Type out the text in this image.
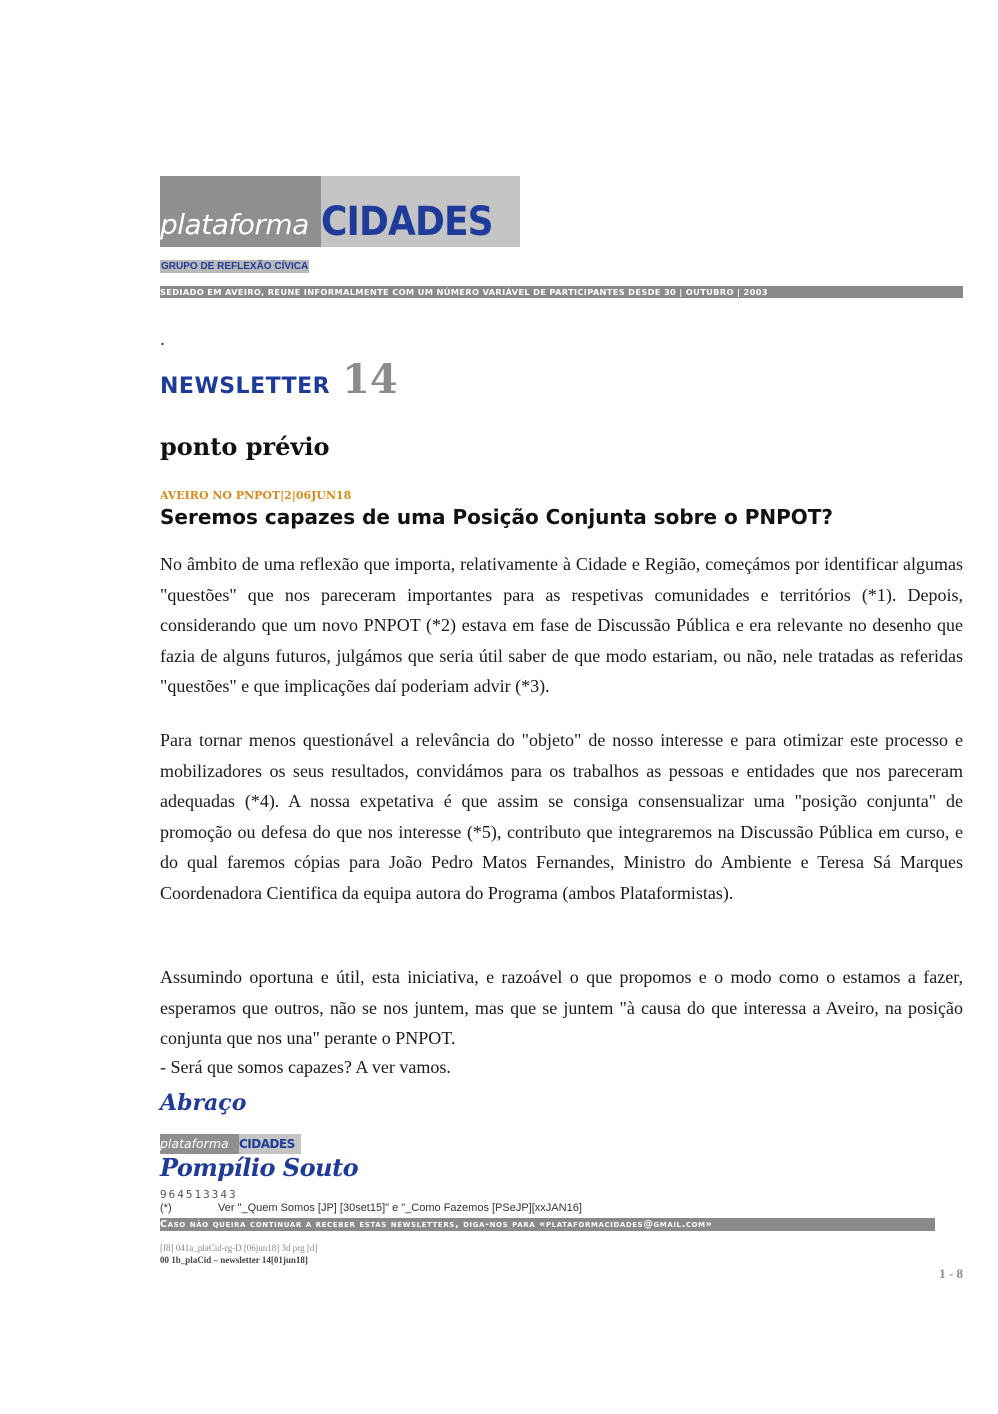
plataforma CIDADES
GRUPO DE REFLEXÃO CÍVICA
SEDIADO EM AVEIRO, REUNE INFORMALMENTE COM UM NÚMERO VARIÁVEL DE PARTICIPANTES DESDE 30 | OUTUBRO | 2003
.
NEWSLETTER 14
ponto prévio
AVEIRO NO PNPOT|2|06JUN18
Seremos capazes de uma Posição Conjunta sobre o PNPOT?

No âmbito de uma reflexão que importa, relativamente à Cidade e Região, começámos por identificar algumas "questões" que nos pareceram importantes para as respetivas comunidades e territórios (*1). Depois, considerando que um novo PNPOT (*2) estava em fase de Discussão Pública e era relevante no desenho que fazia de alguns futuros, julgámos que seria útil saber de que modo estariam, ou não, nele tratadas as referidas "questões" e que implicações daí poderiam advir (*3).

Para tornar menos questionável a relevância do "objeto" de nosso interesse e para otimizar este processo e mobilizadores os seus resultados, convidámos para os trabalhos as pessoas e entidades que nos pareceram adequadas (*4). A nossa expetativa é que assim se consiga consensualizar uma "posição conjunta" de promoção ou defesa do que nos interesse (*5), contributo que integraremos na Discussão Pública em curso, e do qual faremos cópias para João Pedro Matos Fernandes, Ministro do Ambiente e Teresa Sá Marques Coordenadora Cientifica da equipa autora do Programa (ambos Plataformistas).

Assumindo oportuna e útil, esta iniciativa, e razoável o que propomos e o modo como o estamos a fazer, esperamos que outros, não se nos juntem, mas que se juntem "à causa do que interessa a Aveiro, na posição conjunta que nos una" perante o PNPOT.

- Será que somos capazes? A ver vamos.

Abraço
plataforma CIDADES
Pompílio Souto
964513343
(*)	Ver "_Quem Somos [JP] [30set15]" e "_Como Fazemos [PSeJP][xxJAN16]
Caso não queira continuar a receber estas newsletters, diga-nos para «plataformacidades@gmail.com»
[f8] 041a_plaCid-rg-D [06jun18] 3d prg [d]
00 1b_plaCid – newsletter 14[01jun18]
1 - 8
